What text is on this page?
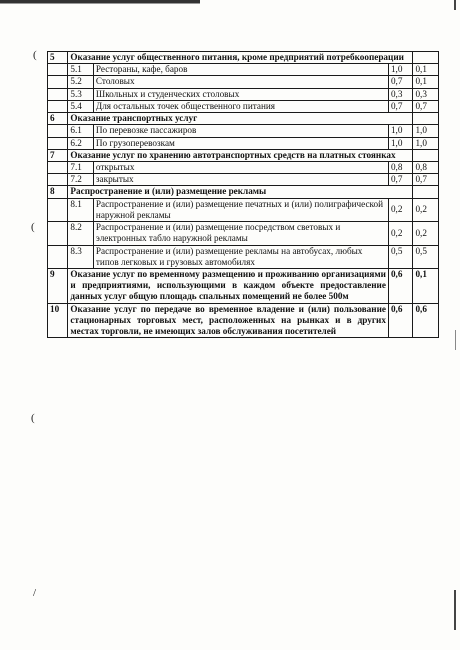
(
(
(
/
5	Оказание услуг общественного питания, кроме предприятий потребкооперации			
	5.1	Рестораны, кафе, баров	1,0	0,1
	5.2	Столовых	0,7	0,1
	5.3	Школьных и студенческих столовых	0,3	0,3
	5.4	Для остальных точек общественного питания	0,7	0,7
6	Оказание транспортных услуг			
	6.1	По перевозке пассажиров	1,0	1,0
	6.2	По грузоперевозкам	1,0	1,0
7	Оказание услуг по хранению автотранспортных средств на платных стоянках			
	7.1	открытых	0,8	0,8
	7.2	закрытых	0,7	0,7
8	Распространение и (или) размещение рекламы			
	8.1	Распространение и (или) размещение печатных и (или) полиграфической наружной рекламы	0,2	0,2
	8.2	Распространение и (или) размещение посредством световых и электронных табло наружной рекламы	0,2	0,2
	8.3	Распространение и (или) размещение рекламы на автобусах, любых типов легковых и грузовых автомобилях	0,5	0,5
9	Оказание услуг по временному размещению и проживанию организациями и предприятиями, использующими в каждом объекте предоставление данных услуг общую площадь спальных помещений не более 500м		0,6	0,1
10	Оказание услуг по передаче во временное владение и (или) пользование стационарных торговых мест, расположенных на рынках и в других местах торговли, не имеющих залов обслуживания посетителей		0,6	0,6
